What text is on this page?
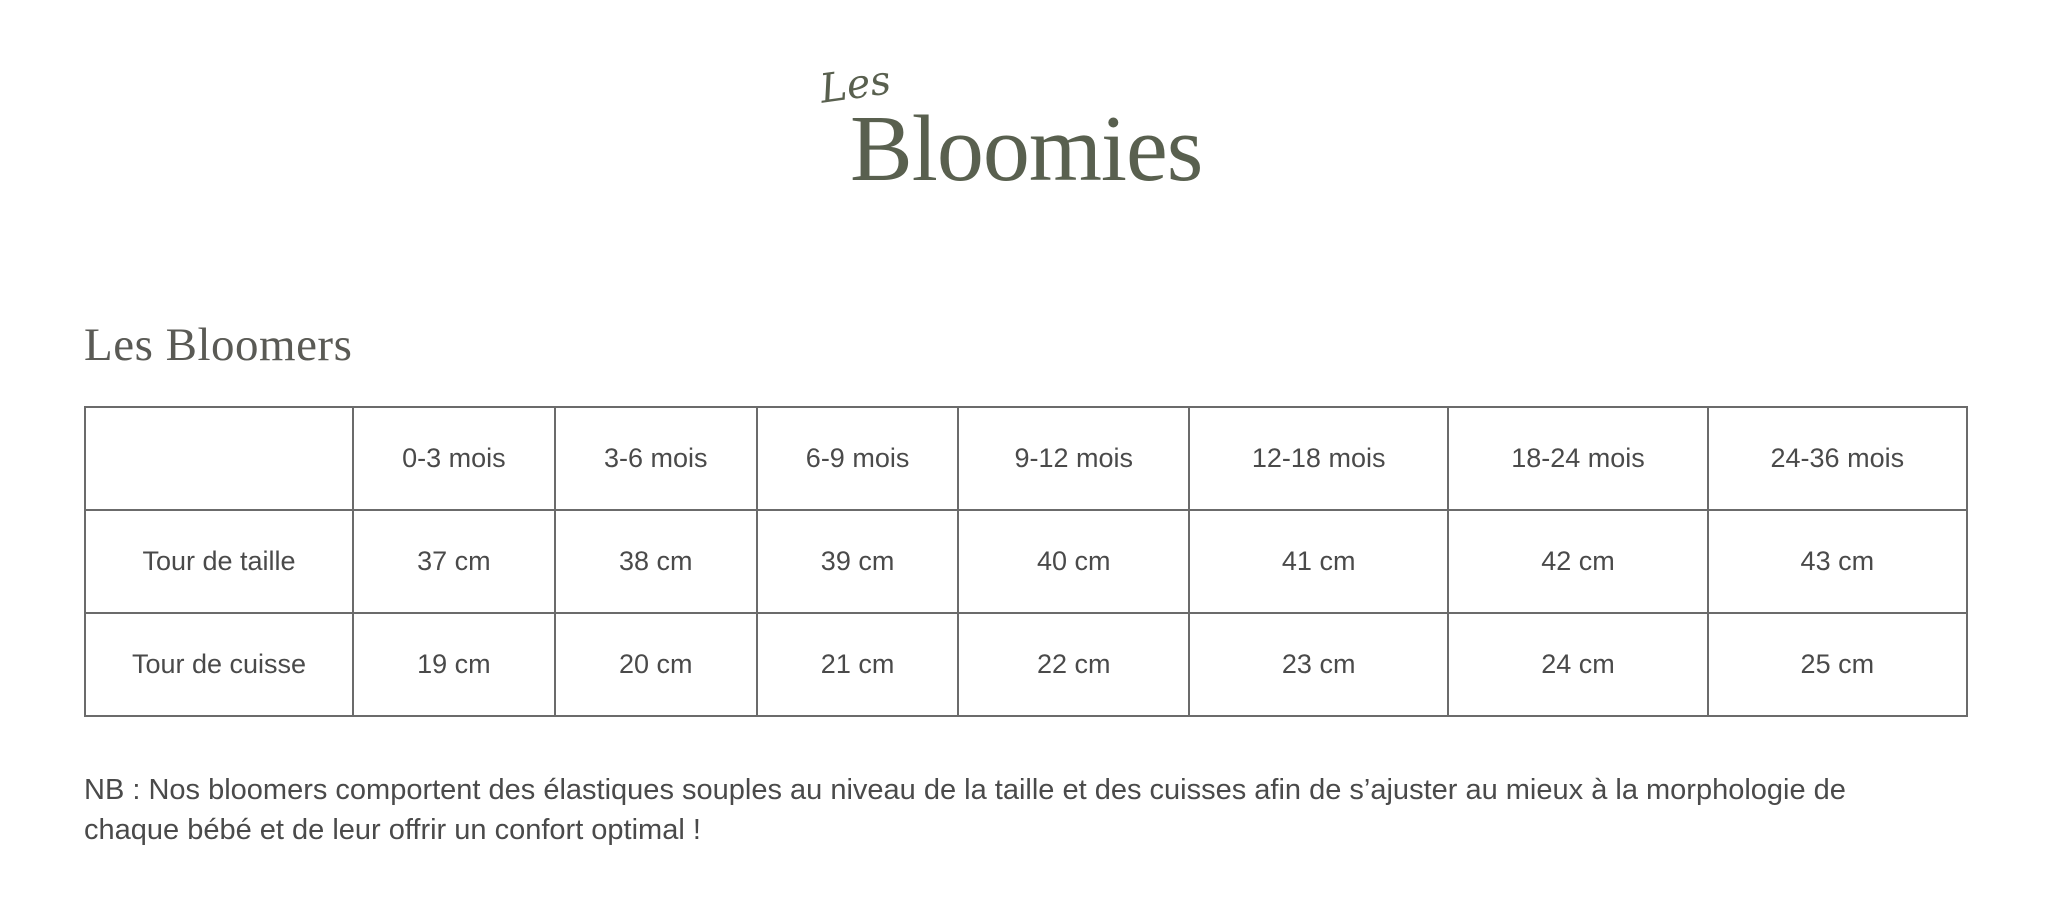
Les
Bloomies
Les Bloomers
	0-3 mois	3-6 mois	6-9 mois	9-12 mois	12-18 mois	18-24 mois	24-36 mois
Tour de taille	37 cm	38 cm	39 cm	40 cm	41 cm	42 cm	43 cm
Tour de cuisse	19 cm	20 cm	21 cm	22 cm	23 cm	24 cm	25 cm

NB : Nos bloomers comportent des élastiques souples au niveau de la taille et des cuisses afin de s’ajuster au mieux à la morphologie de
chaque bébé et de leur offrir un confort optimal !
